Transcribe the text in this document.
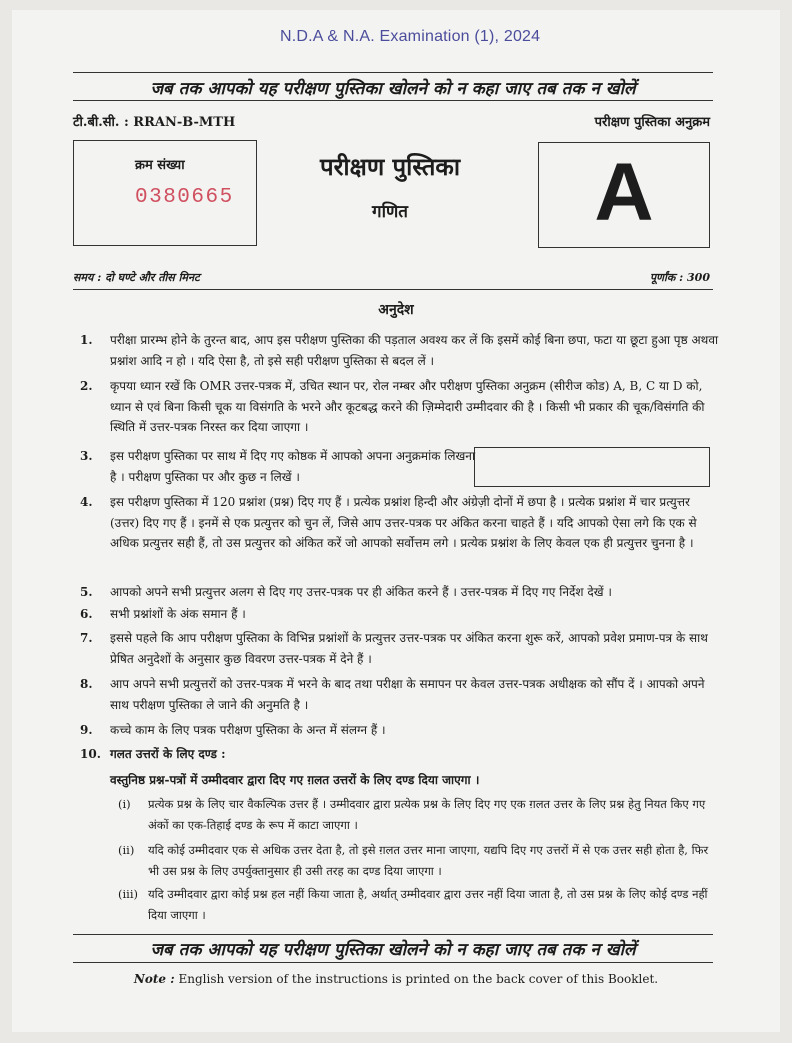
N.D.A & N.A. Examination (1), 2024
जब तक आपको यह परीक्षण पुस्तिका खोलने को न कहा जाए तब तक न खोलें
टी.बी.सी. : RRAN-B-MTH	परीक्षण पुस्तिका अनुक्रम
क्रम संख्या
0380665
परीक्षण पुस्तिका
गणित	A
समय : दो घण्टे और तीस मिनट	पूर्णांक : 300
अनुदेश
1. परीक्षा प्रारम्भ होने के तुरन्त बाद, आप इस परीक्षण पुस्तिका की पड़ताल अवश्य कर लें कि इसमें कोई बिना छपा, फटा या छूटा हुआ पृष्ठ अथवा प्रश्नांश आदि न हो । यदि ऐसा है, तो इसे सही परीक्षण पुस्तिका से बदल लें ।
2. कृपया ध्यान रखें कि OMR उत्तर-पत्रक में, उचित स्थान पर, रोल नम्बर और परीक्षण पुस्तिका अनुक्रम (सीरीज कोड) A, B, C या D को, ध्यान से एवं बिना किसी चूक या विसंगति के भरने और कूटबद्ध करने की ज़िम्मेदारी उम्मीदवार की है । किसी भी प्रकार की चूक/विसंगति की स्थिति में उत्तर-पत्रक निरस्त कर दिया जाएगा ।
3. इस परीक्षण पुस्तिका पर साथ में दिए गए कोष्ठक में आपको अपना अनुक्रमांक लिखना है । परीक्षण पुस्तिका पर और कुछ न लिखें ।
4. इस परीक्षण पुस्तिका में 120 प्रश्नांश (प्रश्न) दिए गए हैं । प्रत्येक प्रश्नांश हिन्दी और अंग्रेज़ी दोनों में छपा है । प्रत्येक प्रश्नांश में चार प्रत्युत्तर (उत्तर) दिए गए हैं । इनमें से एक प्रत्युत्तर को चुन लें, जिसे आप उत्तर-पत्रक पर अंकित करना चाहते हैं । यदि आपको ऐसा लगे कि एक से अधिक प्रत्युत्तर सही हैं, तो उस प्रत्युत्तर को अंकित करें जो आपको सर्वोत्तम लगे । प्रत्येक प्रश्नांश के लिए केवल एक ही प्रत्युत्तर चुनना है ।
5. आपको अपने सभी प्रत्युत्तर अलग से दिए गए उत्तर-पत्रक पर ही अंकित करने हैं । उत्तर-पत्रक में दिए गए निर्देश देखें ।
6. सभी प्रश्नांशों के अंक समान हैं ।
7. इससे पहले कि आप परीक्षण पुस्तिका के विभिन्न प्रश्नांशों के प्रत्युत्तर उत्तर-पत्रक पर अंकित करना शुरू करें, आपको प्रवेश प्रमाण-पत्र के साथ प्रेषित अनुदेशों के अनुसार कुछ विवरण उत्तर-पत्रक में देने हैं ।
8. आप अपने सभी प्रत्युत्तरों को उत्तर-पत्रक में भरने के बाद तथा परीक्षा के समापन पर केवल उत्तर-पत्रक अधीक्षक को सौंप दें । आपको अपने साथ परीक्षण पुस्तिका ले जाने की अनुमति है ।
9. कच्चे काम के लिए पत्रक परीक्षण पुस्तिका के अन्त में संलग्न हैं ।
10. गलत उत्तरों के लिए दण्ड :
वस्तुनिष्ठ प्रश्न-पत्रों में उम्मीदवार द्वारा दिए गए ग़लत उत्तरों के लिए दण्ड दिया जाएगा ।
(i) प्रत्येक प्रश्न के लिए चार वैकल्पिक उत्तर हैं । उम्मीदवार द्वारा प्रत्येक प्रश्न के लिए दिए गए एक ग़लत उत्तर के लिए प्रश्न हेतु नियत किए गए अंकों का एक-तिहाई दण्ड के रूप में काटा जाएगा ।
(ii) यदि कोई उम्मीदवार एक से अधिक उत्तर देता है, तो इसे ग़लत उत्तर माना जाएगा, यद्यपि दिए गए उत्तरों में से एक उत्तर सही होता है, फिर भी उस प्रश्न के लिए उपर्युक्तानुसार ही उसी तरह का दण्ड दिया जाएगा ।
(iii) यदि उम्मीदवार द्वारा कोई प्रश्न हल नहीं किया जाता है, अर्थात् उम्मीदवार द्वारा उत्तर नहीं दिया जाता है, तो उस प्रश्न के लिए कोई दण्ड नहीं दिया जाएगा ।
जब तक आपको यह परीक्षण पुस्तिका खोलने को न कहा जाए तब तक न खोलें
Note : English version of the instructions is printed on the back cover of this Booklet.
